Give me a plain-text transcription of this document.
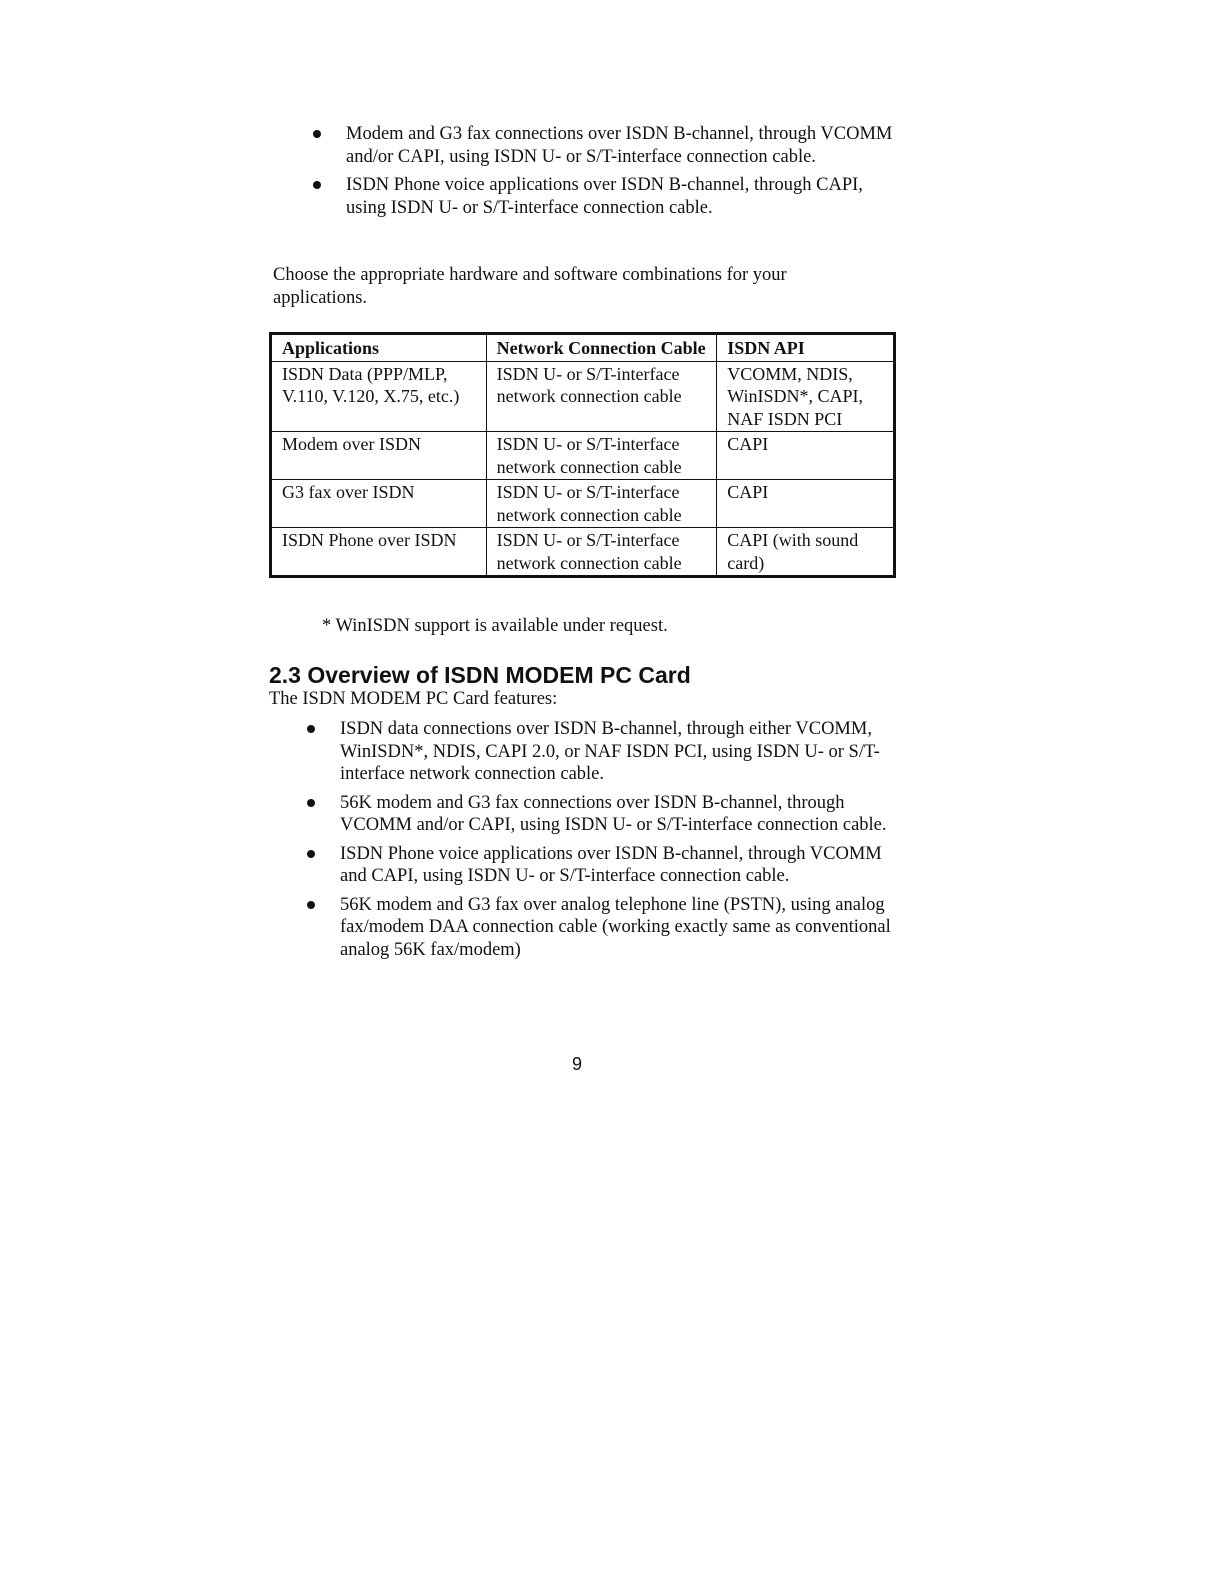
Modem and G3 fax connections over ISDN B-channel, through VCOMM and/or CAPI, using ISDN U- or S/T-interface connection cable.
ISDN Phone voice applications over ISDN B-channel, through CAPI, using ISDN U- or S/T-interface connection cable.
Choose the appropriate hardware and software combinations for your applications.
Applications	Network Connection Cable	ISDN API
ISDN Data (PPP/MLP, V.110, V.120, X.75, etc.)	ISDN U- or S/T-interface network connection cable	VCOMM, NDIS, WinISDN*, CAPI, NAF ISDN PCI
Modem over ISDN	ISDN U- or S/T-interface network connection cable	CAPI
G3 fax over ISDN	ISDN U- or S/T-interface network connection cable	CAPI
ISDN Phone over ISDN	ISDN U- or S/T-interface network connection cable	CAPI (with sound card)
* WinISDN support is available under request.
2.3 Overview of ISDN MODEM PC Card
The ISDN MODEM PC Card features:
ISDN data connections over ISDN B-channel, through either VCOMM, WinISDN*, NDIS, CAPI 2.0, or NAF ISDN PCI, using ISDN U- or S/T-interface network connection cable.
56K modem and G3 fax connections over ISDN B-channel, through VCOMM and/or CAPI, using ISDN U- or S/T-interface connection cable.
ISDN Phone voice applications over ISDN B-channel, through VCOMM and CAPI, using ISDN U- or S/T-interface connection cable.
56K modem and G3 fax over analog telephone line (PSTN), using analog fax/modem DAA connection cable (working exactly same as conventional analog 56K fax/modem)
9
